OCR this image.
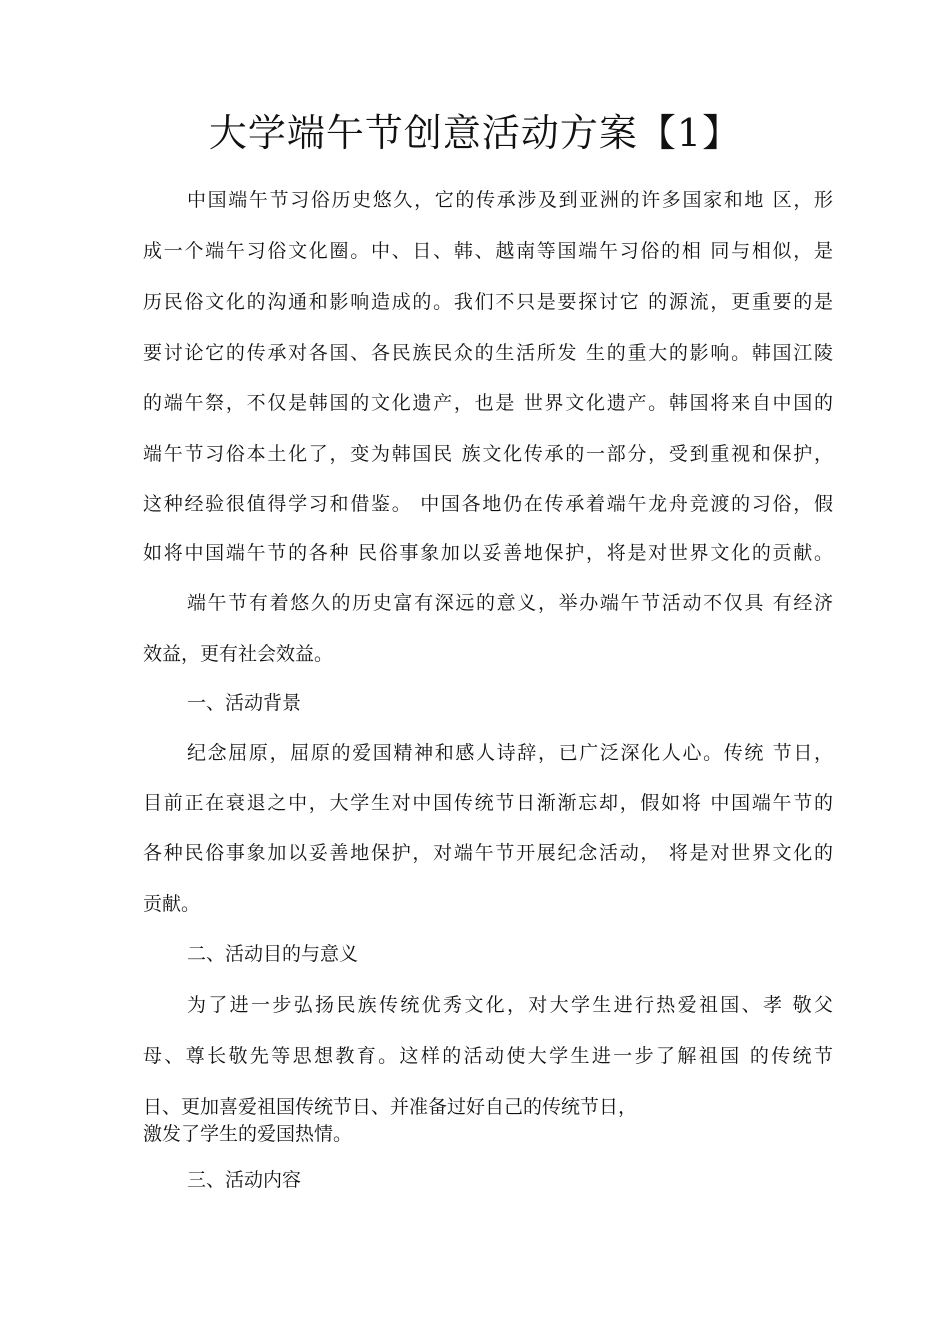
大学端午节创意活动方案【1】
中国端午节习俗历史悠久，它的传承涉及到亚洲的许多国家和地 区，形
成一个端午习俗文化圈。中、日、韩、越南等国端午习俗的相 同与相似，是
历民俗文化的沟通和影响造成的。我们不只是要探讨它 的源流，更重要的是
要讨论它的传承对各国、各民族民众的生活所发 生的重大的影响。韩国江陵
的端午祭，不仅是韩国的文化遗产，也是 世界文化遗产。韩国将来自中国的
端午节习俗本土化了，变为韩国民 族文化传承的一部分，受到重视和保护，
这种经验很值得学习和借鉴。 中国各地仍在传承着端午龙舟竞渡的习俗，假
如将中国端午节的各种 民俗事象加以妥善地保护，将是对世界文化的贡献。
端午节有着悠久的历史富有深远的意义，举办端午节活动不仅具 有经济
效益，更有社会效益。
一、活动背景
纪念屈原，屈原的爱国精神和感人诗辞，已广泛深化人心。传统 节日，
目前正在衰退之中，大学生对中国传统节日渐渐忘却，假如将 中国端午节的
各种民俗事象加以妥善地保护，对端午节开展纪念活动， 将是对世界文化的
贡献。
二、活动目的与意义
为了进一步弘扬民族传统优秀文化，对大学生进行热爱祖国、孝 敬父
母、尊长敬先等思想教育。这样的活动使大学生进一步了解祖国 的传统节
日、更加喜爱祖国传统节日、并准备过好自己的传统节日，
激发了学生的爱国热情。
三、活动内容
